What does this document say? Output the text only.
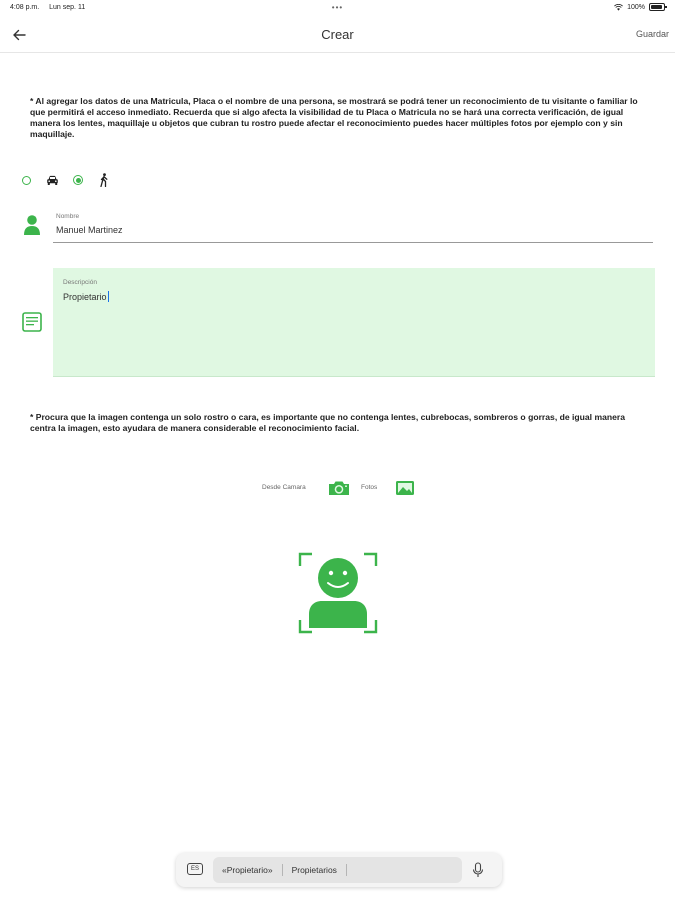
4:08 p.m. Lun sep. 11	•••	100%
Crear	Guardar
* Al agregar los datos de una Matricula, Placa o el nombre de una persona, se mostrará se podrá tener un reconocimiento de tu visitante o familiar lo que permitirá el acceso inmediato. Recuerda que si algo afecta la visibilidad de tu Placa o Matricula no se hará una correcta verificación, de igual manera los lentes, maquillaje u objetos que cubran tu rostro puede afectar el reconocimiento puedes hacer múltiples fotos por ejemplo con y sin maquillaje.
Nombre
Manuel Martinez
Descripción
Propietario
* Procura que la imagen contenga un solo rostro o cara, es importante que no contenga lentes, cubrebocas, sombreros o gorras, de igual manera centra la imagen, esto ayudara de manera considerable el reconocimiento facial.
Desde Camara	Fotos
ES	«Propietario»	Propietarios
